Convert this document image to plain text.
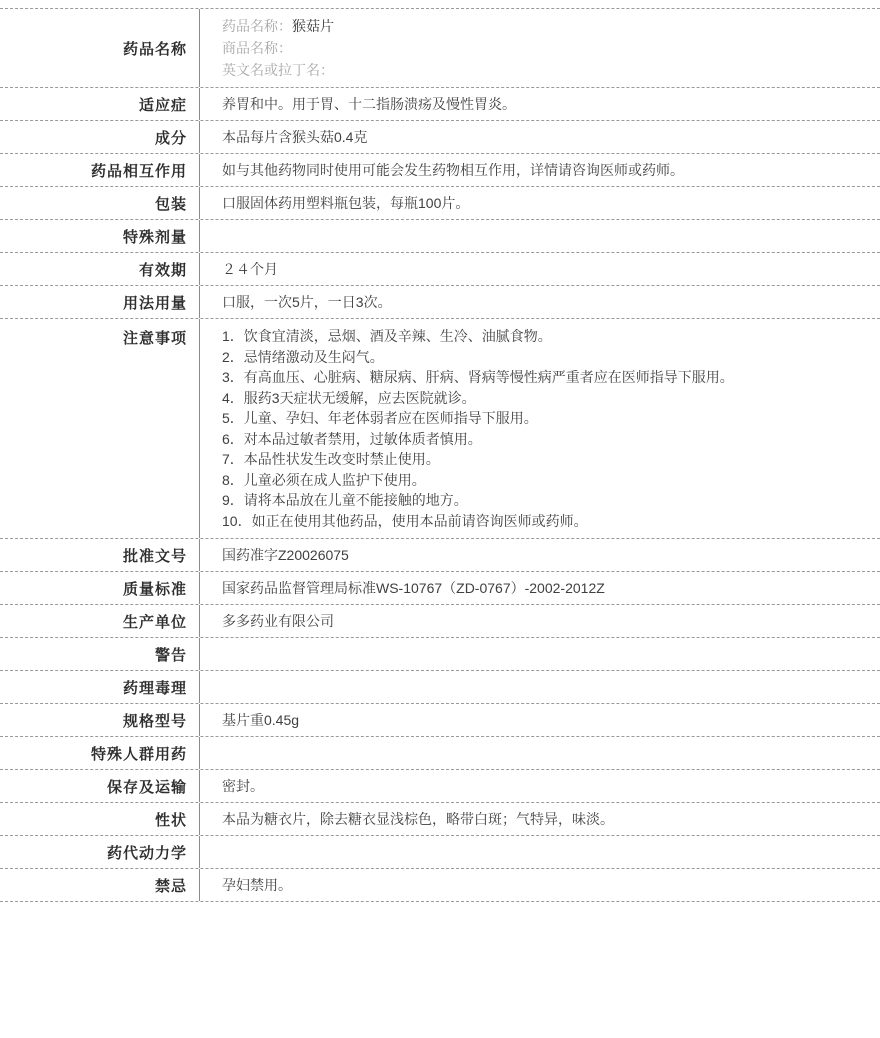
药品名称
药品名称：猴菇片
商品名称：
英文名或拉丁名：
适应症	养胃和中。用于胃、十二指肠溃疡及慢性胃炎。
成分	本品每片含猴头菇0.4克
药品相互作用	如与其他药物同时使用可能会发生药物相互作用，详情请咨询医师或药师。
包装	口服固体药用塑料瓶包装，每瓶100片。
特殊剂量
有效期	２４个月
用法用量	口服，一次5片，一日3次。
注意事项	1．饮食宜清淡，忌烟、酒及辛辣、生冷、油腻食物。
2．忌情绪激动及生闷气。
3．有高血压、心脏病、糖尿病、肝病、肾病等慢性病严重者应在医师指导下服用。
4．服药3天症状无缓解，应去医院就诊。
5．儿童、孕妇、年老体弱者应在医师指导下服用。
6．对本品过敏者禁用，过敏体质者慎用。
7．本品性状发生改变时禁止使用。
8．儿童必须在成人监护下使用。
9．请将本品放在儿童不能接触的地方。
10．如正在使用其他药品，使用本品前请咨询医师或药师。
批准文号	国药准字Z20026075
质量标准	国家药品监督管理局标准WS-10767（ZD-0767）-2002-2012Z
生产单位	多多药业有限公司
警告
药理毒理
规格型号	基片重0.45g
特殊人群用药
保存及运输	密封。
性状	本品为糖衣片，除去糖衣显浅棕色，略带白斑；气特异，味淡。
药代动力学
禁忌	孕妇禁用。
